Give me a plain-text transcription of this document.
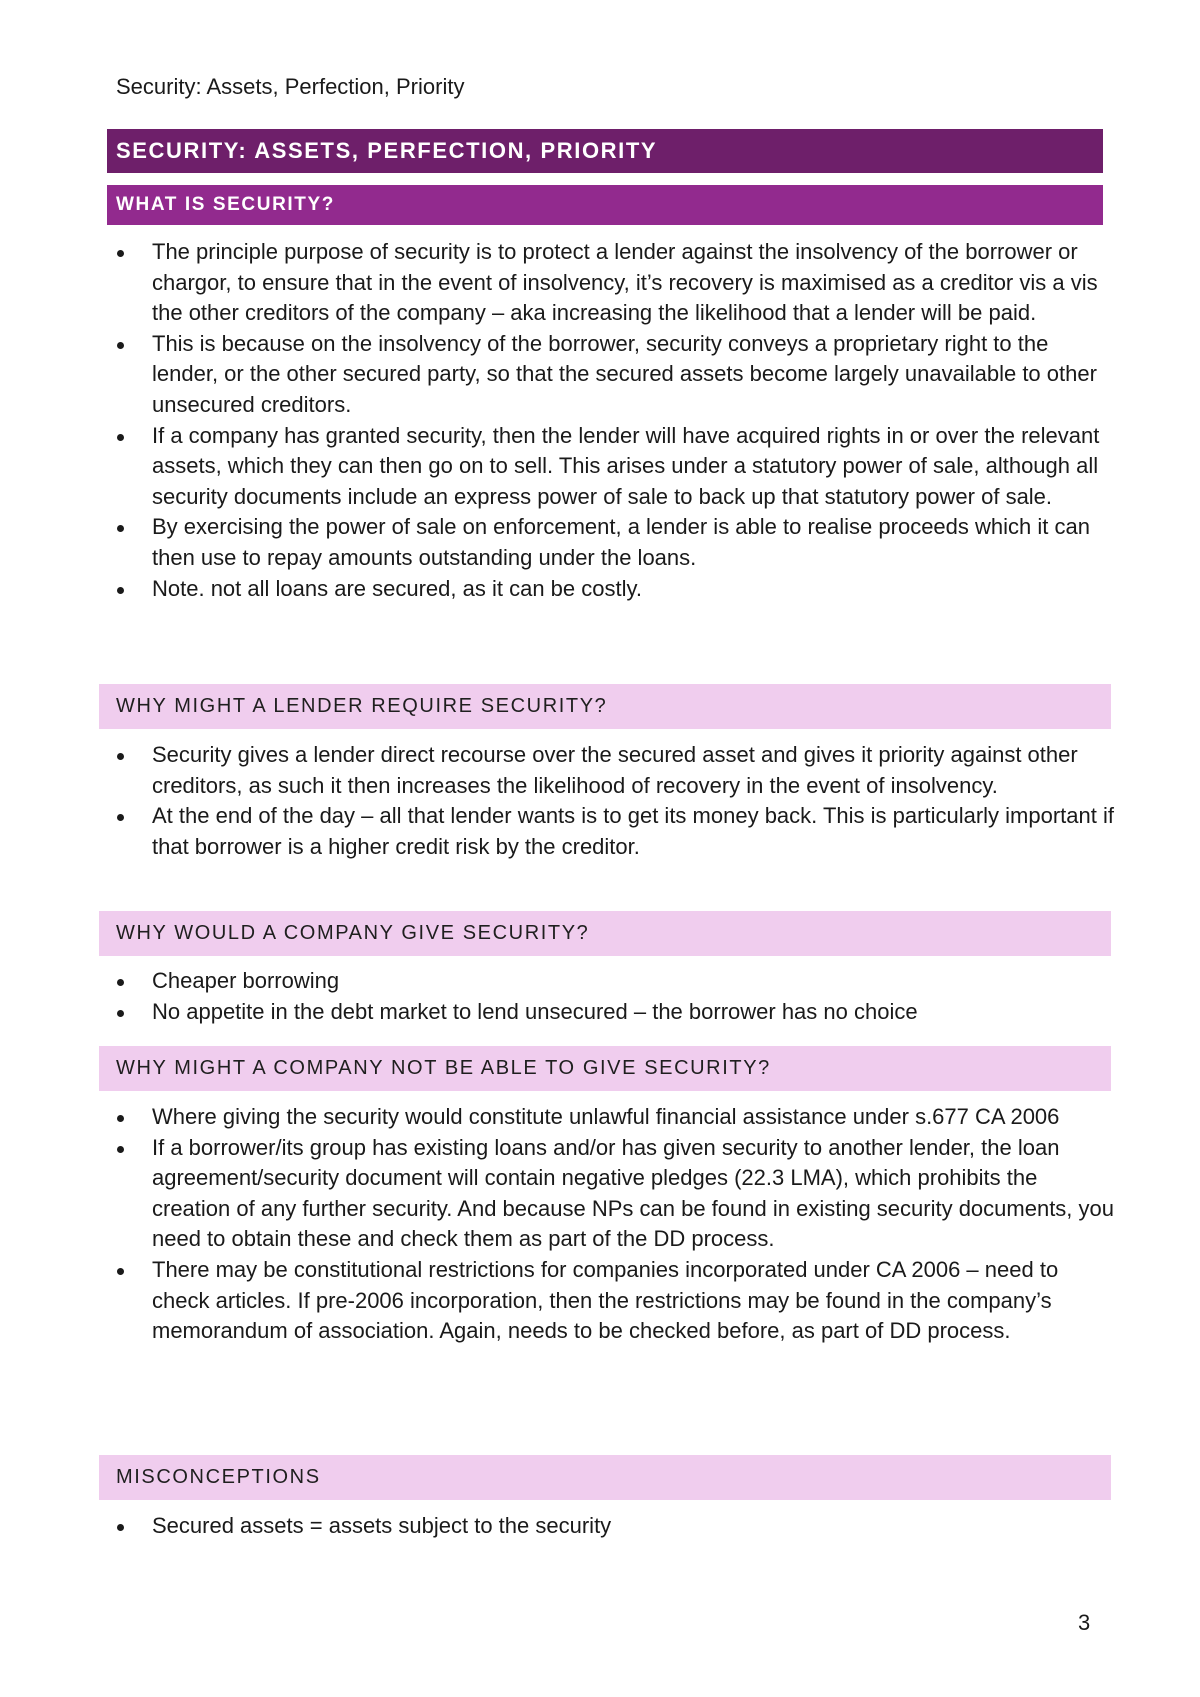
Security: Assets, Perfection, Priority
SECURITY: ASSETS, PERFECTION, PRIORITY
WHAT IS SECURITY?
The principle purpose of security is to protect a lender against the insolvency of the borrower or chargor, to ensure that in the event of insolvency, it’s recovery is maximised as a creditor vis a vis the other creditors of the company – aka increasing the likelihood that a lender will be paid.
This is because on the insolvency of the borrower, security conveys a proprietary right to the lender, or the other secured party, so that the secured assets become largely unavailable to other unsecured creditors.
If a company has granted security, then the lender will have acquired rights in or over the relevant assets, which they can then go on to sell. This arises under a statutory power of sale, although all security documents include an express power of sale to back up that statutory power of sale.
By exercising the power of sale on enforcement, a lender is able to realise proceeds which it can then use to repay amounts outstanding under the loans.
Note. not all loans are secured, as it can be costly.
WHY MIGHT A LENDER REQUIRE SECURITY?
Security gives a lender direct recourse over the secured asset and gives it priority against other creditors, as such it then increases the likelihood of recovery in the event of insolvency.
At the end of the day – all that lender wants is to get its money back. This is particularly important if that borrower is a higher credit risk by the creditor.
WHY WOULD A COMPANY GIVE SECURITY?
Cheaper borrowing
No appetite in the debt market to lend unsecured – the borrower has no choice
WHY MIGHT A COMPANY NOT BE ABLE TO GIVE SECURITY?
Where giving the security would constitute unlawful financial assistance under s.677 CA 2006
If a borrower/its group has existing loans and/or has given security to another lender, the loan agreement/security document will contain negative pledges (22.3 LMA), which prohibits the creation of any further security. And because NPs can be found in existing security documents, you need to obtain these and check them as part of the DD process.
There may be constitutional restrictions for companies incorporated under CA 2006 – need to check articles. If pre-2006 incorporation, then the restrictions may be found in the company’s memorandum of association. Again, needs to be checked before, as part of DD process.
MISCONCEPTIONS
Secured assets = assets subject to the security
3
